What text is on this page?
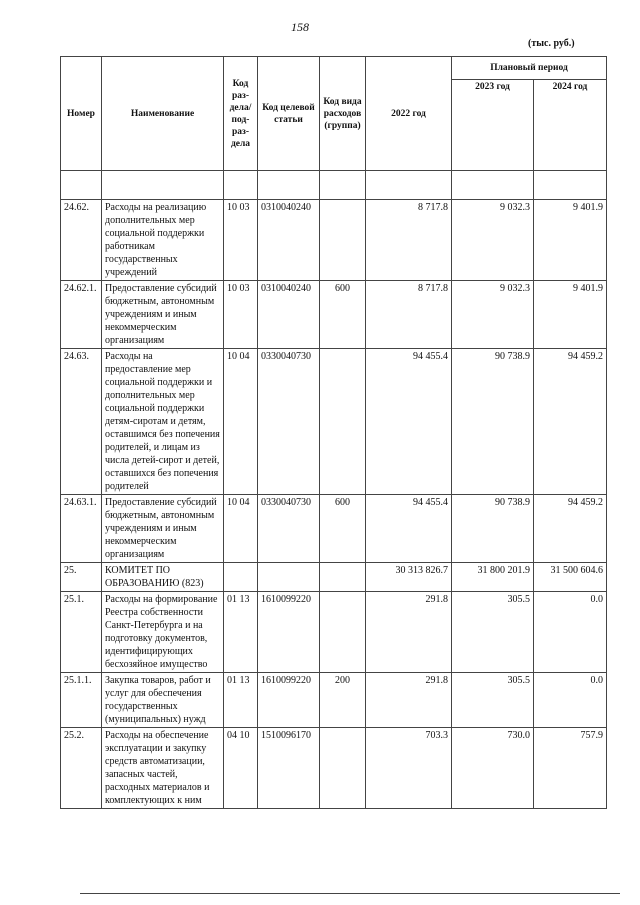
158
(тыс. руб.)
Номер	Наименование	Код раз-дела/ под-раз-дела	Код целевой статьи	Код вида расходов (группа)	2022 год	Плановый период	
						2023 год	2024 год

24.62.	Расходы на реализацию дополнительных мер социальной поддержки работникам государственных учреждений	10 03	0310040240		8 717.8	9 032.3	9 401.9
24.62.1.	Предоставление субсидий бюджетным, автономным учреждениям и иным некоммерческим организациям	10 03	0310040240	600	8 717.8	9 032.3	9 401.9
24.63.	Расходы на предоставление мер социальной поддержки и дополнительных мер социальной поддержки детям-сиротам и детям, оставшимся без попечения родителей, и лицам из числа детей-сирот и детей, оставшихся без попечения родителей	10 04	0330040730		94 455.4	90 738.9	94 459.2
24.63.1.	Предоставление субсидий бюджетным, автономным учреждениям и иным некоммерческим организациям	10 04	0330040730	600	94 455.4	90 738.9	94 459.2
25.	КОМИТЕТ ПО ОБРАЗОВАНИЮ (823)				30 313 826.7	31 800 201.9	31 500 604.6
25.1.	Расходы на формирование Реестра собственности Санкт-Петербурга и на подготовку документов, идентифицирующих бесхозяйное имущество	01 13	1610099220		291.8	305.5	0.0
25.1.1.	Закупка товаров, работ и услуг для обеспечения государственных (муниципальных) нужд	01 13	1610099220	200	291.8	305.5	0.0
25.2.	Расходы на обеспечение эксплуатации и закупку средств автоматизации, запасных частей, расходных материалов и комплектующих к ним	04 10	1510096170		703.3	730.0	757.9
